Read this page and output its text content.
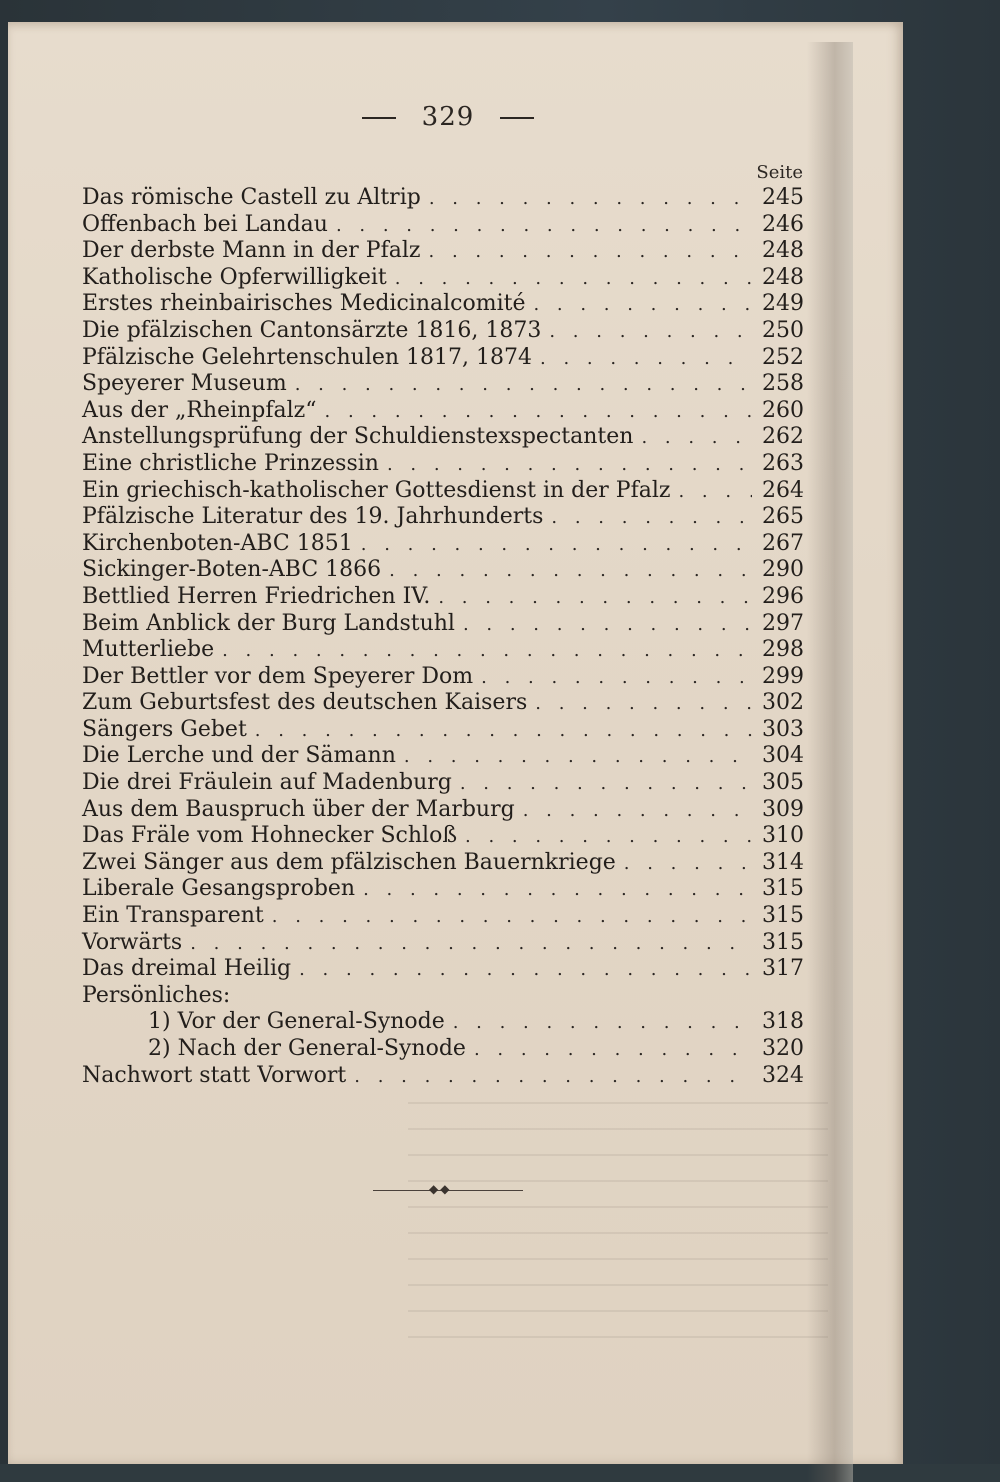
329
Seite
Das römische Castell zu Altrip . . .	245
Offenbach bei Landau . . .	246
Der derbste Mann in der Pfalz . . .	248
Katholische Opferwilligkeit . . .	248
Erstes rheinbairisches Medicinalcomité . . .	249
Die pfälzischen Cantonsärzte 1816, 1873 . . .	250
Pfälzische Gelehrtenschulen 1817, 1874 . . .	252
Speyerer Museum . . .	258
Aus der „Rheinpfalz“ . . .	260
Anstellungsprüfung der Schuldienstexspectanten . . .	262
Eine christliche Prinzessin . . .	263
Ein griechisch-katholischer Gottesdienst in der Pfalz . . .	264
Pfälzische Literatur des 19. Jahrhunderts . . .	265
Kirchenboten-ABC 1851 . . .	267
Sickinger-Boten-ABC 1866 . . .	290
Bettlied Herren Friedrichen IV. . . .	296
Beim Anblick der Burg Landstuhl . . .	297
Mutterliebe . . .	298
Der Bettler vor dem Speyerer Dom . . .	299
Zum Geburtsfest des deutschen Kaisers . . .	302
Sängers Gebet . . .	303
Die Lerche und der Sämann . . .	304
Die drei Fräulein auf Madenburg . . .	305
Aus dem Bauspruch über der Marburg . . .	309
Das Fräle vom Hohnecker Schloß . . .	310
Zwei Sänger aus dem pfälzischen Bauernkriege . . .	314
Liberale Gesangsproben . . .	315
Ein Transparent . . .	315
Vorwärts . . .	315
Das dreimal Heilig . . .	317
Persönliches:
1) Vor der General-Synode . . .	318
2) Nach der General-Synode . . .	320
Nachwort statt Vorwort . . .	324
◆◆
